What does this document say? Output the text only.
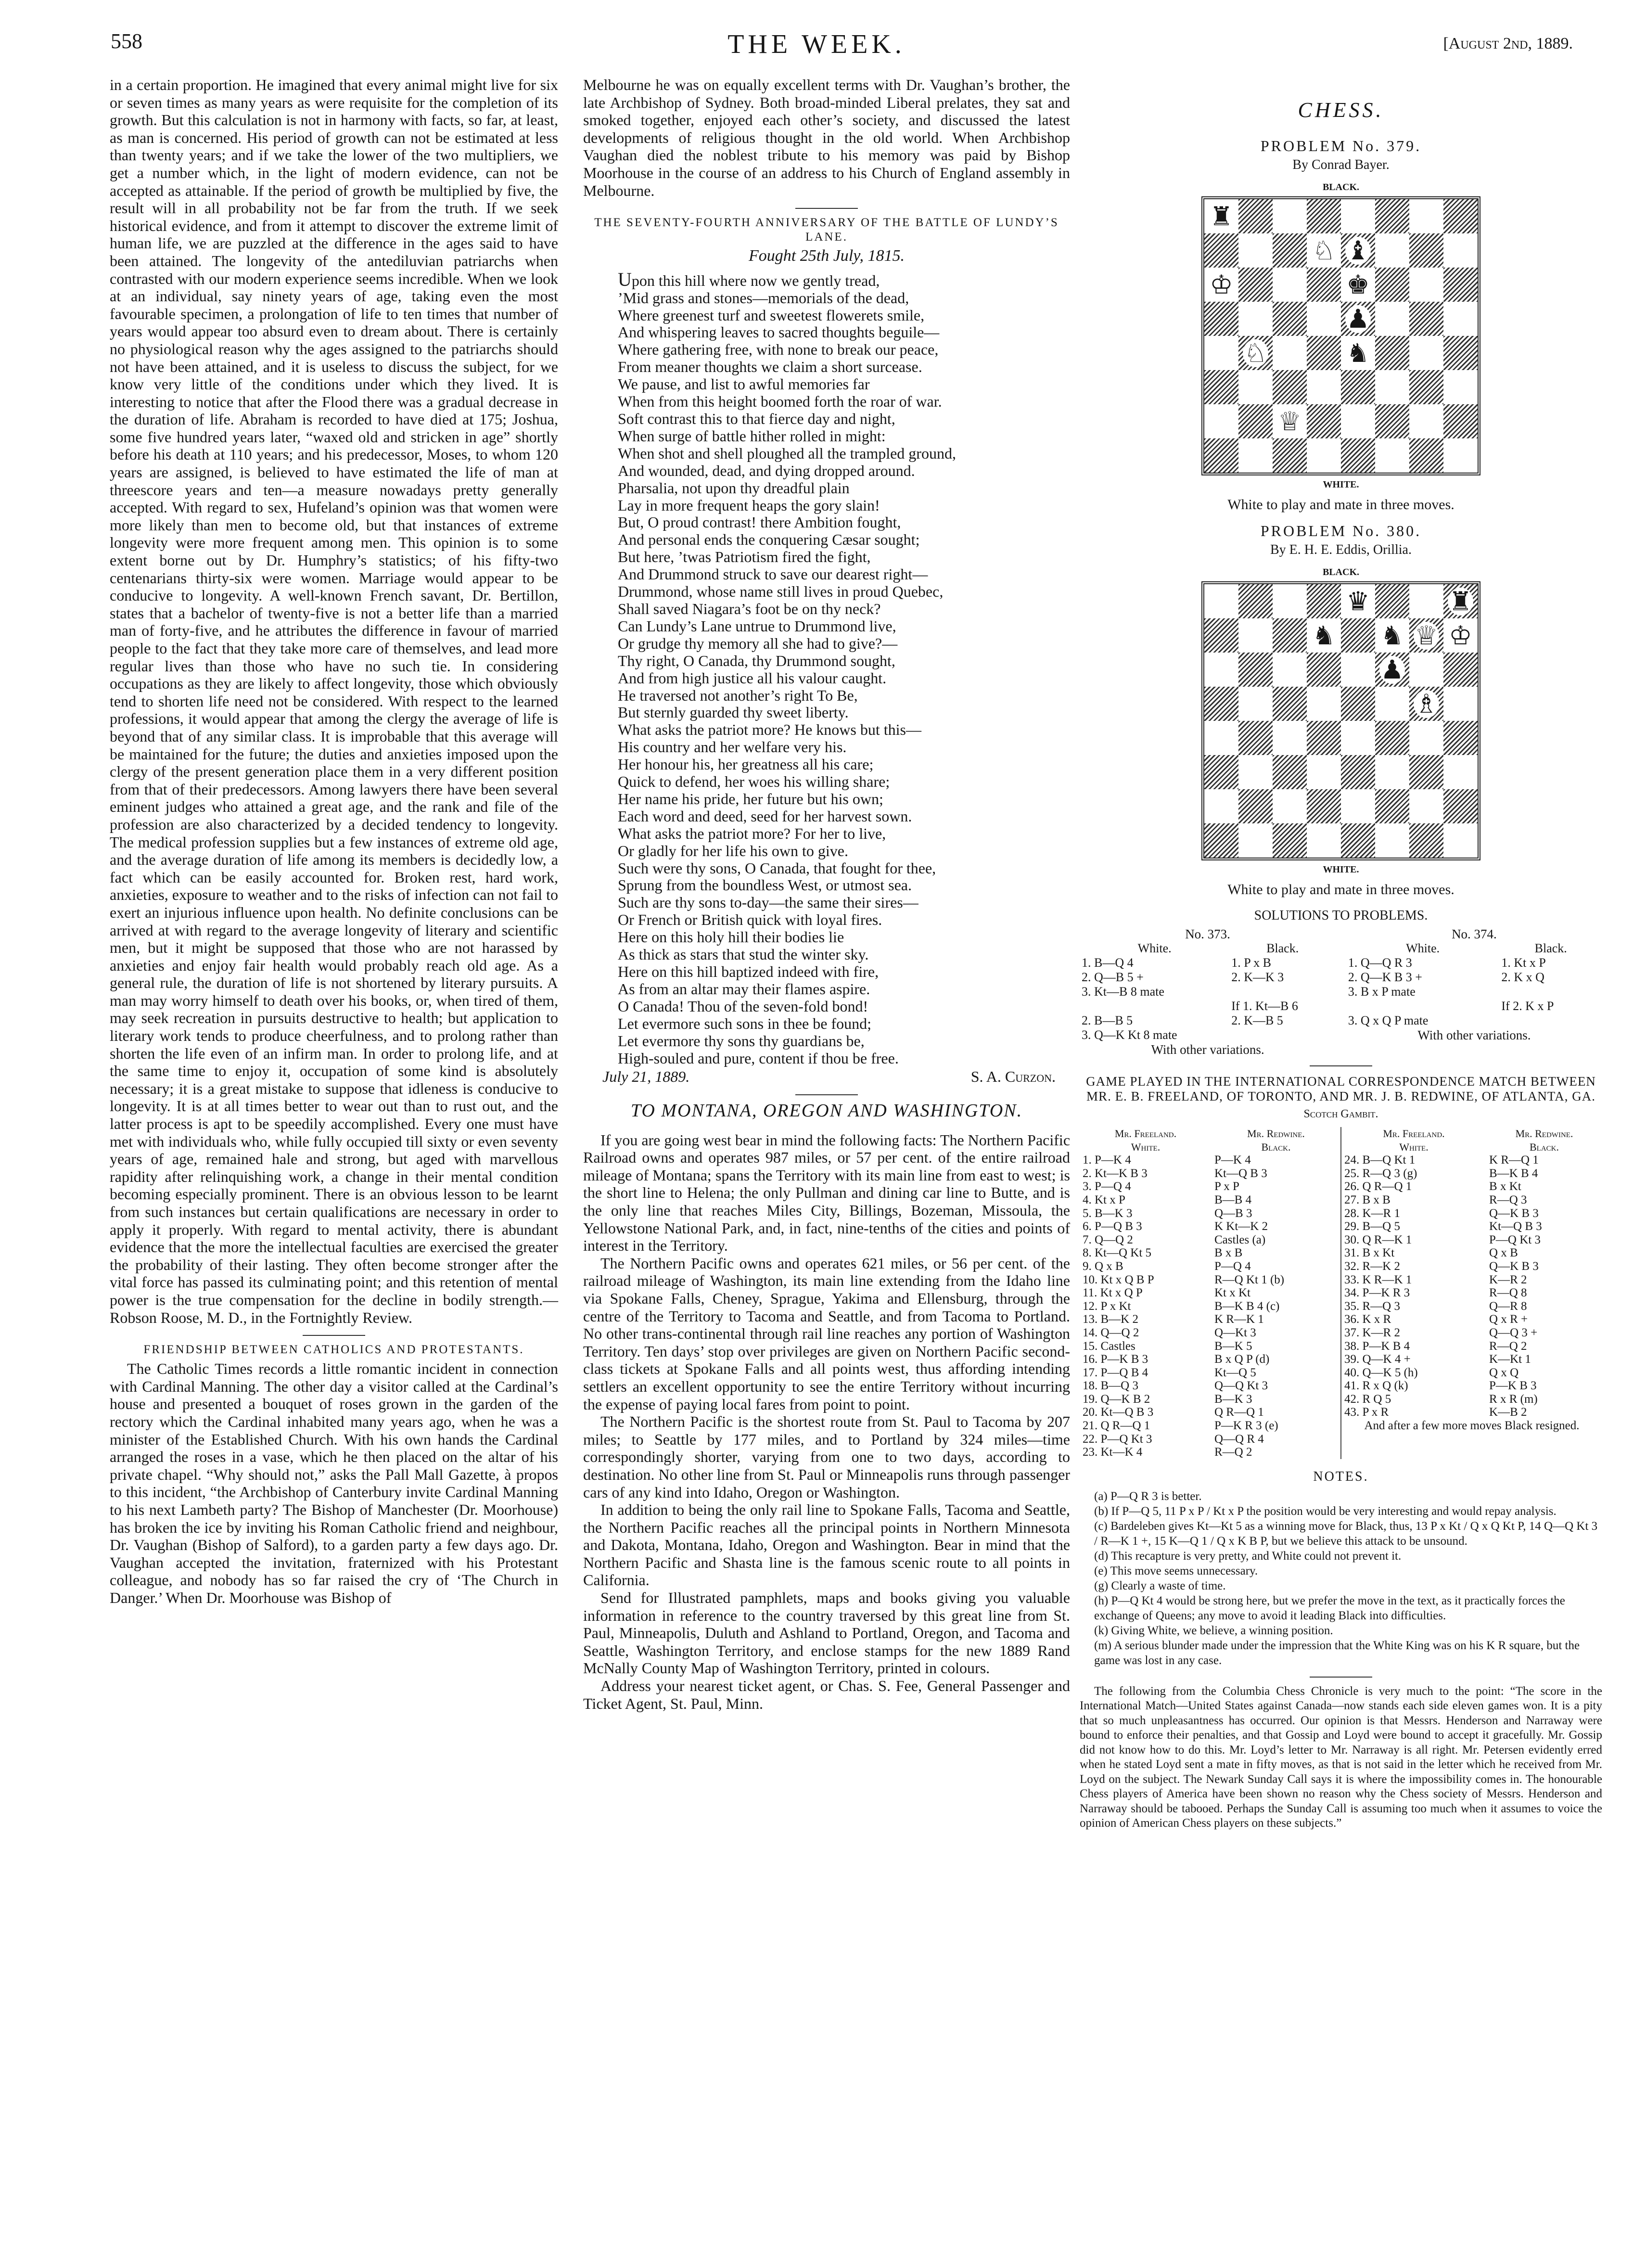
558	THE WEEK.	[August 2nd, 1889.

in a certain proportion. He imagined that every animal might live for six or seven times as many years as were requisite for the completion of its growth. But this calculation is not in harmony with facts, so far, at least, as man is concerned. His period of growth can not be estimated at less than twenty years; and if we take the lower of the two multipliers, we get a number which, in the light of modern evidence, can not be accepted as attainable. If the period of growth be multiplied by five, the result will in all probability not be far from the truth. If we seek historical evidence, and from it attempt to discover the extreme limit of human life, we are puzzled at the difference in the ages said to have been attained. The longevity of the antediluvian patriarchs when contrasted with our modern experience seems incredible. When we look at an individual, say ninety years of age, taking even the most favourable specimen, a prolongation of life to ten times that number of years would appear too absurd even to dream about. There is certainly no physiological reason why the ages assigned to the patriarchs should not have been attained, and it is useless to discuss the subject, for we know very little of the conditions under which they lived. It is interesting to notice that after the Flood there was a gradual decrease in the duration of life. Abraham is recorded to have died at 175; Joshua, some five hundred years later, “waxed old and stricken in age” shortly before his death at 110 years; and his predecessor, Moses, to whom 120 years are assigned, is believed to have estimated the life of man at threescore years and ten—a measure nowadays pretty generally accepted. With regard to sex, Hufeland’s opinion was that women were more likely than men to become old, but that instances of extreme longevity were more frequent among men. This opinion is to some extent borne out by Dr. Humphry’s statistics; of his fifty-two centenarians thirty-six were women. Marriage would appear to be conducive to longevity. A well-known French savant, Dr. Bertillon, states that a bachelor of twenty-five is not a better life than a married man of forty-five, and he attributes the difference in favour of married people to the fact that they take more care of themselves, and lead more regular lives than those who have no such tie. In considering occupations as they are likely to affect longevity, those which obviously tend to shorten life need not be considered. With respect to the learned professions, it would appear that among the clergy the average of life is beyond that of any similar class. It is improbable that this average will be maintained for the future; the duties and anxieties imposed upon the clergy of the present generation place them in a very different position from that of their predecessors. Among lawyers there have been several eminent judges who attained a great age, and the rank and file of the profession are also characterized by a decided tendency to longevity. The medical profession supplies but a few instances of extreme old age, and the average duration of life among its members is decidedly low, a fact which can be easily accounted for. Broken rest, hard work, anxieties, exposure to weather and to the risks of infection can not fail to exert an injurious influence upon health. No definite conclusions can be arrived at with regard to the average longevity of literary and scientific men, but it might be supposed that those who are not harassed by anxieties and enjoy fair health would probably reach old age. As a general rule, the duration of life is not shortened by literary pursuits. A man may worry himself to death over his books, or, when tired of them, may seek recreation in pursuits destructive to health; but application to literary work tends to produce cheerfulness, and to prolong rather than shorten the life even of an infirm man. In order to prolong life, and at the same time to enjoy it, occupation of some kind is absolutely necessary; it is a great mistake to suppose that idleness is conducive to longevity. It is at all times better to wear out than to rust out, and the latter process is apt to be speedily accomplished. Every one must have met with individuals who, while fully occupied till sixty or even seventy years of age, remained hale and strong, but aged with marvellous rapidity after relinquishing work, a change in their mental condition becoming especially prominent. There is an obvious lesson to be learnt from such instances but certain qualifications are necessary in order to apply it properly. With regard to mental activity, there is abundant evidence that the more the intellectual faculties are exercised the greater the probability of their lasting. They often become stronger after the vital force has passed its culminating point; and this retention of mental power is the true compensation for the decline in bodily strength.—Robson Roose, M. D., in the Fortnightly Review.

FRIENDSHIP BETWEEN CATHOLICS AND PROTESTANTS.

The Catholic Times records a little romantic incident in connection with Cardinal Manning. The other day a visitor called at the Cardinal’s house and presented a bouquet of roses grown in the garden of the rectory which the Cardinal inhabited many years ago, when he was a minister of the Established Church. With his own hands the Cardinal arranged the roses in a vase, which he then placed on the altar of his private chapel. “Why should not,” asks the Pall Mall Gazette, à propos to this incident, “the Archbishop of Canterbury invite Cardinal Manning to his next Lambeth party? The Bishop of Manchester (Dr. Moorhouse) has broken the ice by inviting his Roman Catholic friend and neighbour, Dr. Vaughan (Bishop of Salford), to a garden party a few days ago. Dr. Vaughan accepted the invitation, fraternized with his Protestant colleague, and nobody has so far raised the cry of ‘The Church in Danger.’ When Dr. Moorhouse was Bishop of

Melbourne he was on equally excellent terms with Dr. Vaughan’s brother, the late Archbishop of Sydney. Both broad-minded Liberal prelates, they sat and smoked together, enjoyed each other’s society, and discussed the latest developments of religious thought in the old world. When Archbishop Vaughan died the noblest tribute to his memory was paid by Bishop Moorhouse in the course of an address to his Church of England assembly in Melbourne.

THE SEVENTY-FOURTH ANNIVERSARY OF THE BATTLE OF LUNDY’S LANE.
Fought 25th July, 1815.
Upon this hill where now we gently tread,
’Mid grass and stones—memorials of the dead,
Where greenest turf and sweetest flowerets smile,
And whispering leaves to sacred thoughts beguile—
Where gathering free, with none to break our peace,
From meaner thoughts we claim a short surcease.
We pause, and list to awful memories far
When from this height boomed forth the roar of war.
Soft contrast this to that fierce day and night,
When surge of battle hither rolled in might:
When shot and shell ploughed all the trampled ground,
And wounded, dead, and dying dropped around.
Pharsalia, not upon thy dreadful plain
Lay in more frequent heaps the gory slain!
But, O proud contrast! there Ambition fought,
And personal ends the conquering Cæsar sought;
But here, ’twas Patriotism fired the fight,
And Drummond struck to save our dearest right—
Drummond, whose name still lives in proud Quebec,
Shall saved Niagara’s foot be on thy neck?
Can Lundy’s Lane untrue to Drummond live,
Or grudge thy memory all she had to give?—
Thy right, O Canada, thy Drummond sought,
And from high justice all his valour caught.
He traversed not another’s right To Be,
But sternly guarded thy sweet liberty.
What asks the patriot more? He knows but this—
His country and her welfare very his.
Her honour his, her greatness all his care;
Quick to defend, her woes his willing share;
Her name his pride, her future but his own;
Each word and deed, seed for her harvest sown.
What asks the patriot more? For her to live,
Or gladly for her life his own to give.
Such were thy sons, O Canada, that fought for thee,
Sprung from the boundless West, or utmost sea.
Such are thy sons to-day—the same their sires—
Or French or British quick with loyal fires.
Here on this holy hill their bodies lie
As thick as stars that stud the winter sky.
Here on this hill baptized indeed with fire,
As from an altar may their flames aspire.
O Canada! Thou of the seven-fold bond!
Let evermore such sons in thee be found;
Let evermore thy sons thy guardians be,
High-souled and pure, content if thou be free.
July 21, 1889.	S. A. Curzon.
TO MONTANA, OREGON AND WASHINGTON.

If you are going west bear in mind the following facts: The Northern Pacific Railroad owns and operates 987 miles, or 57 per cent. of the entire railroad mileage of Montana; spans the Territory with its main line from east to west; is the short line to Helena; the only Pullman and dining car line to Butte, and is the only line that reaches Miles City, Billings, Bozeman, Missoula, the Yellowstone National Park, and, in fact, nine-tenths of the cities and points of interest in the Territory.

The Northern Pacific owns and operates 621 miles, or 56 per cent. of the railroad mileage of Washington, its main line extending from the Idaho line via Spokane Falls, Cheney, Sprague, Yakima and Ellensburg, through the centre of the Territory to Tacoma and Seattle, and from Tacoma to Portland. No other trans-continental through rail line reaches any portion of Washington Territory. Ten days’ stop over privileges are given on Northern Pacific second-class tickets at Spokane Falls and all points west, thus affording intending settlers an excellent opportunity to see the entire Territory without incurring the expense of paying local fares from point to point.

The Northern Pacific is the shortest route from St. Paul to Tacoma by 207 miles; to Seattle by 177 miles, and to Portland by 324 miles—time correspondingly shorter, varying from one to two days, according to destination. No other line from St. Paul or Minneapolis runs through passenger cars of any kind into Idaho, Oregon or Washington.

In addition to being the only rail line to Spokane Falls, Tacoma and Seattle, the Northern Pacific reaches all the principal points in Northern Minnesota and Dakota, Montana, Idaho, Oregon and Washington. Bear in mind that the Northern Pacific and Shasta line is the famous scenic route to all points in California.

Send for Illustrated pamphlets, maps and books giving you valuable information in reference to the country traversed by this great line from St. Paul, Minneapolis, Duluth and Ashland to Portland, Oregon, and Tacoma and Seattle, Washington Territory, and enclose stamps for the new 1889 Rand McNally County Map of Washington Territory, printed in colours.

Address your nearest ticket agent, or Chas. S. Fee, General Passenger and Ticket Agent, St. Paul, Minn.

CHESS.
PROBLEM No. 379.
By Conrad Bayer.
BLACK.
♜
♘ ♝
♔	♚
♟
♘	♞
♕
WHITE.
White to play and mate in three moves.
PROBLEM No. 380.
By E. H. E. Eddis, Orillia.
BLACK.
♛	♜
♞ ♞ ♕ ♔
♟
♗
WHITE.
White to play and mate in three moves.
SOLUTIONS TO PROBLEMS.
No. 373.
White.	Black.
1. B—Q 4	1. P x B
2. Q—B 5 +	2. K—K 3
3. Kt—B 8 mate	
	If 1. Kt—B 6
2. B—B 5	2. K—B 5
3. Q—K Kt 8 mate	
With other variations.
No. 374.
White.	Black.
1. Q—Q R 3	1. Kt x P
2. Q—K B 3 +	2. K x Q
3. B x P mate	
	If 2. K x P
3. Q x Q P mate	
With other variations.
GAME PLAYED IN THE INTERNATIONAL CORRESPONDENCE MATCH BETWEEN MR. E. B. FREELAND, OF TORONTO, AND MR. J. B. REDWINE, OF ATLANTA, GA.
Scotch Gambit.
Mr. Freeland.	Mr. Redwine.
White.	Black.
1. P—K 4	P—K 4
2. Kt—K B 3	Kt—Q B 3
3. P—Q 4	P x P
4. Kt x P	B—B 4
5. B—K 3	Q—B 3
6. P—Q B 3	K Kt—K 2
7. Q—Q 2	Castles (a)
8. Kt—Q Kt 5	B x B
9. Q x B	P—Q 4
10. Kt x Q B P	R—Q Kt 1 (b)
11. Kt x Q P	Kt x Kt
12. P x Kt	B—K B 4 (c)
13. B—K 2	K R—K 1
14. Q—Q 2	Q—Kt 3
15. Castles	B—K 5
16. P—K B 3	B x Q P (d)
17. P—Q B 4	Kt—Q 5
18. B—Q 3	Q—Q Kt 3
19. Q—K B 2	B—K 3
20. Kt—Q B 3	Q R—Q 1
21. Q R—Q 1	P—K R 3 (e)
22. P—Q Kt 3	Q—Q R 4
23. Kt—K 4	R—Q 2
Mr. Freeland.	Mr. Redwine.
White.	Black.
24. B—Q Kt 1	K R—Q 1
25. R—Q 3 (g)	B—K B 4
26. Q R—Q 1	B x Kt
27. B x B	R—Q 3
28. K—R 1	Q—K B 3
29. B—Q 5	Kt—Q B 3
30. Q R—K 1	P—Q Kt 3
31. B x Kt	Q x B
32. R—K 2	Q—K B 3
33. K R—K 1	K—R 2
34. P—K R 3	R—Q 8
35. R—Q 3	Q—R 8
36. K x R	Q x R +
37. K—R 2	Q—Q 3 +
38. P—K B 4	R—Q 2
39. Q—K 4 +	K—Kt 1
40. Q—K 5 (h)	Q x Q
41. R x Q (k)	P—K B 3
42. R Q 5	R x R (m)
43. P x R	K—B 2
And after a few more moves Black resigned.
NOTES.

(a) P—Q R 3 is better.

(b) If P—Q 5, 11 P x P / Kt x P the position would be very interesting and would repay analysis.

(c) Bardeleben gives Kt—Kt 5 as a winning move for Black, thus, 13 P x Kt / Q x Q Kt P, 14 Q—Q Kt 3 / R—K 1 +, 15 K—Q 1 / Q x K B P, but we believe this attack to be unsound.

(d) This recapture is very pretty, and White could not prevent it.

(e) This move seems unnecessary.

(g) Clearly a waste of time.

(h) P—Q Kt 4 would be strong here, but we prefer the move in the text, as it practically forces the exchange of Queens; any move to avoid it leading Black into difficulties.

(k) Giving White, we believe, a winning position.

(m) A serious blunder made under the impression that the White King was on his K R square, but the game was lost in any case.

The following from the Columbia Chess Chronicle is very much to the point: “The score in the International Match—United States against Canada—now stands each side eleven games won. It is a pity that so much unpleasantness has occurred. Our opinion is that Messrs. Henderson and Narraway were bound to enforce their penalties, and that Gossip and Loyd were bound to accept it gracefully. Mr. Gossip did not know how to do this. Mr. Loyd’s letter to Mr. Narraway is all right. Mr. Petersen evidently erred when he stated Loyd sent a mate in fifty moves, as that is not said in the letter which he received from Mr. Loyd on the subject. The Newark Sunday Call says it is where the impossibility comes in. The honourable Chess players of America have been shown no reason why the Chess society of Messrs. Henderson and Narraway should be tabooed. Perhaps the Sunday Call is assuming too much when it assumes to voice the opinion of American Chess players on these subjects.”
